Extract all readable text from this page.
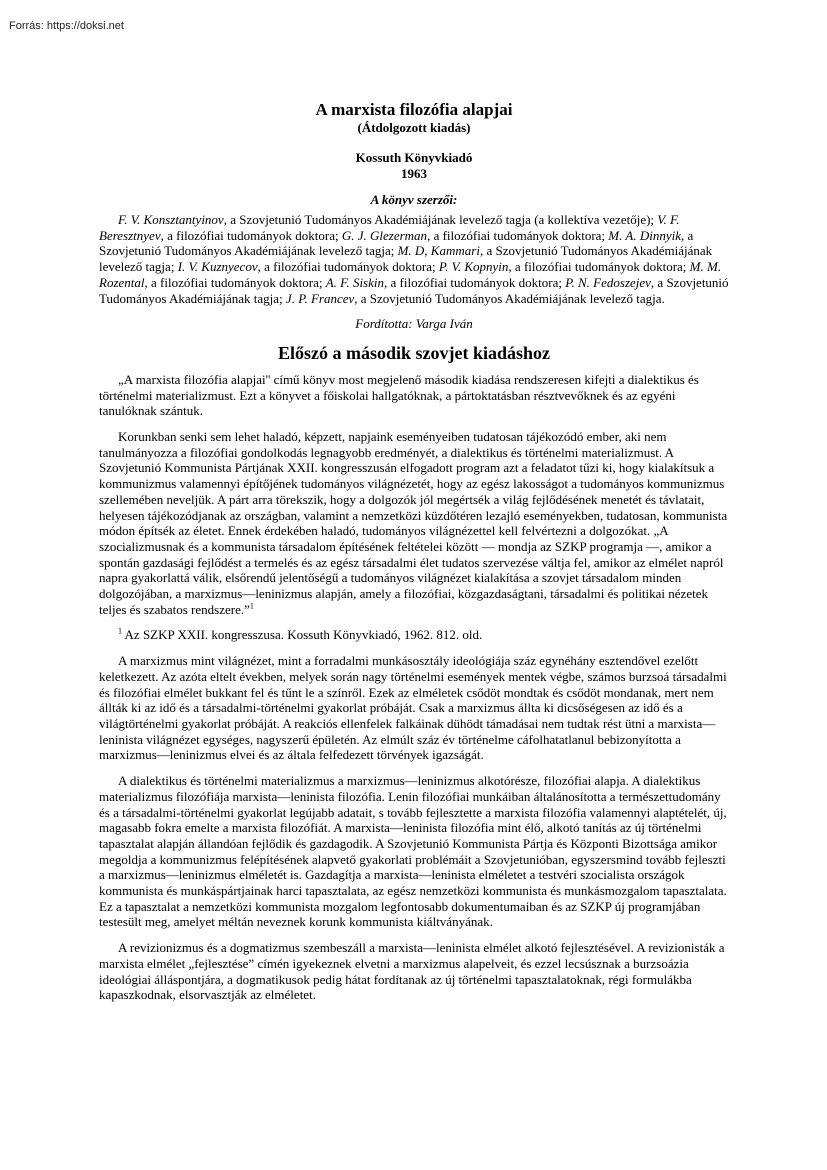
Forrás: https://doksi.net
A marxista filozófia alapjai

(Átdolgozott kiadás)

Kossuth Könyvkiadó

1963

A könyv szerzői:

F. V. Konsztantyinov, a Szovjetunió Tudományos Akadémiájának levelező tagja (a kollektíva vezetője); V. F. Beresztnyev, a filozófiai tudományok doktora; G. J. Glezerman, a filozófiai tudományok doktora; M. A. Dinnyik, a Szovjetunió Tudományos Akadémiájának levelező tagja; M. D, Kammari, a Szovjetunió Tudományos Akadémiájának levelező tagja; I. V. Kuznyecov, a filozófiai tudományok doktora; P. V. Kopnyin, a filozófiai tudományok doktora; M. M. Rozental, a filozófiai tudományok doktora; A. F. Siskin, a filozófiai tudományok doktora; P. N. Fedoszejev, a Szovjetunió Tudományos Akadémiájának tagja; J. P. Francev, a Szovjetunió Tudományos Akadémiájának levelező tagja.

Fordította: Varga Iván

Előszó a második szovjet kiadáshoz

„A marxista filozófia alapjai'' című könyv most megjelenő második kiadása rendszeresen kifejti a dialektikus és történelmi materializmust. Ezt a könyvet a főiskolai hallgatóknak, a pártoktatásban résztvevőknek és az egyéni tanulóknak szántuk.

Korunkban senki sem lehet haladó, képzett, napjaink eseményeiben tudatosan tájékozódó ember, aki nem tanulmányozza a filozófiai gondolkodás legnagyobb eredményét, a dialektikus és történelmi materializmust. A Szovjetunió Kommunista Pártjának XXII. kongresszusán elfogadott program azt a feladatot tűzi ki, hogy kialakítsuk a kommunizmus valamennyi építőjének tudományos világnézetét, hogy az egész lakosságot a tudományos kommunizmus szellemében neveljük. A párt arra törekszik, hogy a dolgozók jól megértsék a világ fejlődésének menetét és távlatait, helyesen tájékozódjanak az országban, valamint a nemzetközi küzdőtéren lezajló eseményekben, tudatosan, kommunista módon építsék az életet. Ennek érdekében haladó, tudományos világnézettel kell felvértezni a dolgozókat. „A szocializmusnak és a kommunista társadalom építésének feltételei között — mondja az SZKP programja —, amikor a spontán gazdasági fejlődést a termelés és az egész társadalmi élet tudatos szervezése váltja fel, amikor az elmélet napról napra gyakorlattá válik, elsőrendű jelentőségű a tudományos világnézet kialakítása a szovjet társadalom minden dolgozójában, a marxizmus—leninizmus alapján, amely a filozófiai, közgazdaságtani, társadalmi és politikai nézetek teljes és szabatos rendszere.”$^1$

$^1$ Az SZKP XXII. kongresszusa. Kossuth Könyvkiadó, 1962. 812. old.

A marxizmus mint világnézet, mint a forradalmi munkásosztály ideológiája száz egynéhány esztendővel ezelőtt keletkezett. Az azóta eltelt években, melyek során nagy történelmi események mentek végbe, számos burzsoá társadalmi és filozófiai elmélet bukkant fel és tűnt le a színről. Ezek az elméletek csődöt mondtak és csődöt mondanak, mert nem állták ki az idő és a társadalmi-történelmi gyakorlat próbáját. Csak a marxizmus állta ki dicsőségesen az idő és a világtörténelmi gyakorlat próbáját. A reakciós ellenfelek falkáinak dühödt támadásai nem tudtak rést ütni a marxista—leninista világnézet egységes, nagyszerű épületén. Az elmúlt száz év történelme cáfolhatatlanul bebizonyította a marxizmus—leninizmus elvei és az általa felfedezett törvények igazságát.

A dialektikus és történelmi materializmus a marxizmus—leninizmus alkotórésze, filozófiai alapja. A dialektikus materializmus filozófiája marxista—leninista filozófia. Lenin filozófiai munkáiban általánosította a természettudomány és a társadalmi-történelmi gyakorlat legújabb adatait, s tovább fejlesztette a marxista filozófia valamennyi alaptételét, új, magasabb fokra emelte a marxista filozófiát. A marxista—leninista filozófia mint élő, alkotó tanítás az új történelmi tapasztalat alapján állandóan fejlődik és gazdagodik. A Szovjetunió Kommunista Pártja és Központi Bizottsága amikor megoldja a kommunizmus felépítésének alapvető gyakorlati problémáit a Szovjetunióban, egyszersmind tovább fejleszti a marxizmus—leninizmus elméletét is. Gazdagítja a marxista—leninista elméletet a testvéri szocialista országok kommunista és munkáspártjainak harci tapasztalata, az egész nemzetközi kommunista és munkásmozgalom tapasztalata. Ez a tapasztalat a nemzetközi kommunista mozgalom legfontosabb dokumentumaiban és az SZKP új programjában testesült meg, amelyet méltán neveznek korunk kommunista kiáltványának.

A revizionizmus és a dogmatizmus szembeszáll a marxista—leninista elmélet alkotó fejlesztésével. A revizionisták a marxista elmélet „fejlesztése” címén igyekeznek elvetni a marxizmus alapelveit, és ezzel lecsúsznak a burzsoázia ideológiai álláspontjára, a dogmatikusok pedig hátat fordítanak az új történelmi tapasztalatoknak, régi formulákba kapaszkodnak, elsorvasztják az elméletet.
